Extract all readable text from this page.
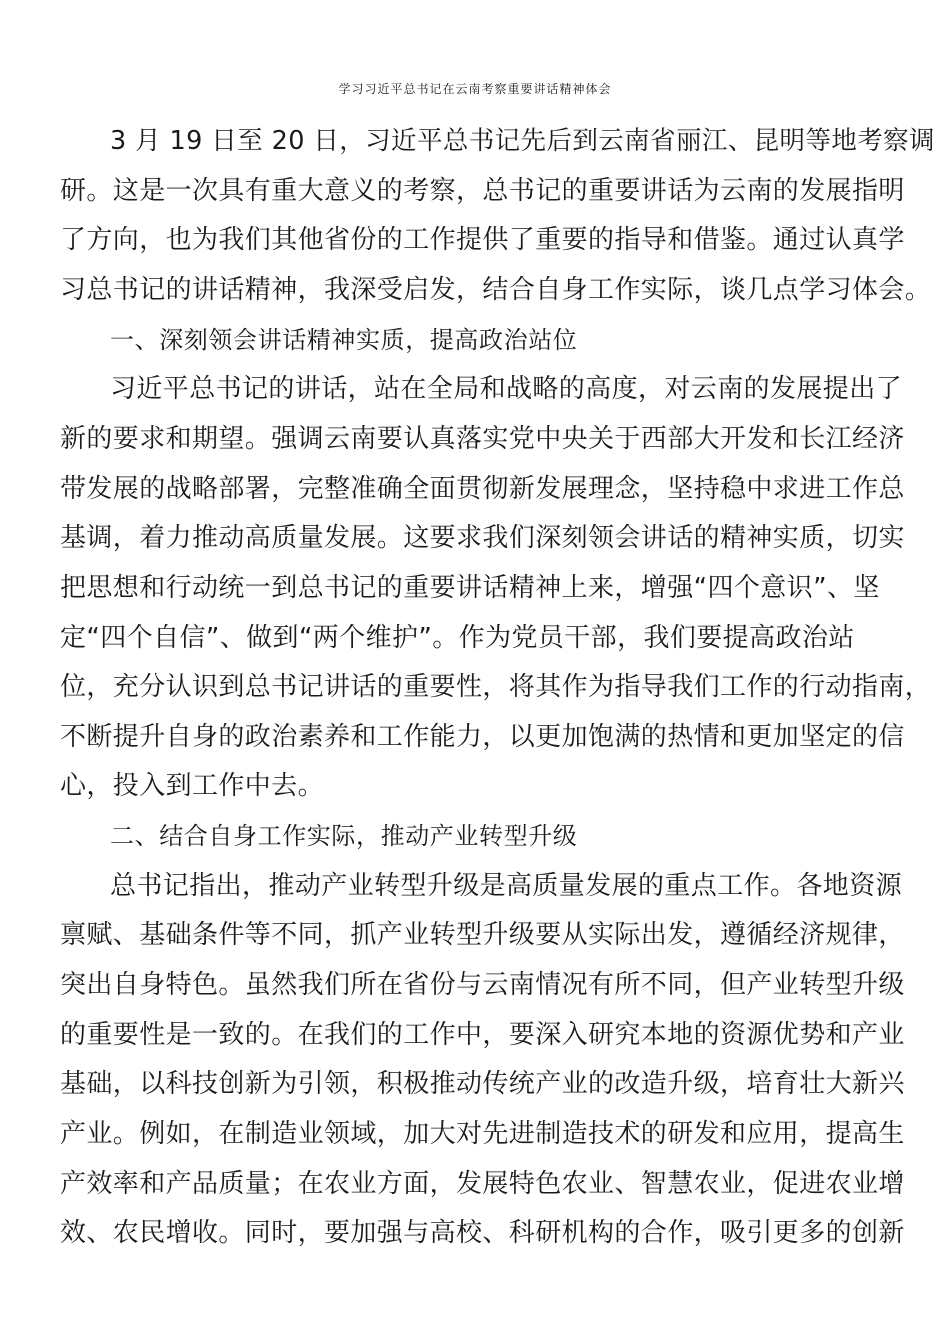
学习习近平总书记在云南考察重要讲话精神体会
3 月 19 日至 20 日，习近平总书记先后到云南省丽江、昆明等地考察调
研。这是一次具有重大意义的考察，总书记的重要讲话为云南的发展指明
了方向，也为我们其他省份的工作提供了重要的指导和借鉴。通过认真学
习总书记的讲话精神，我深受启发，结合自身工作实际，谈几点学习体会。
一、深刻领会讲话精神实质，提高政治站位
习近平总书记的讲话，站在全局和战略的高度，对云南的发展提出了
新的要求和期望。强调云南要认真落实党中央关于西部大开发和长江经济
带发展的战略部署，完整准确全面贯彻新发展理念，坚持稳中求进工作总
基调，着力推动高质量发展。这要求我们深刻领会讲话的精神实质，切实
把思想和行动统一到总书记的重要讲话精神上来，增强“四个意识”、坚
定“四个自信”、做到“两个维护”。作为党员干部，我们要提高政治站
位，充分认识到总书记讲话的重要性，将其作为指导我们工作的行动指南，
不断提升自身的政治素养和工作能力，以更加饱满的热情和更加坚定的信
心，投入到工作中去。
二、结合自身工作实际，推动产业转型升级
总书记指出，推动产业转型升级是高质量发展的重点工作。各地资源
禀赋、基础条件等不同，抓产业转型升级要从实际出发，遵循经济规律，
突出自身特色。虽然我们所在省份与云南情况有所不同，但产业转型升级
的重要性是一致的。在我们的工作中，要深入研究本地的资源优势和产业
基础，以科技创新为引领，积极推动传统产业的改造升级，培育壮大新兴
产业。例如，在制造业领域，加大对先进制造技术的研发和应用，提高生
产效率和产品质量；在农业方面，发展特色农业、智慧农业，促进农业增
效、农民增收。同时，要加强与高校、科研机构的合作，吸引更多的创新
